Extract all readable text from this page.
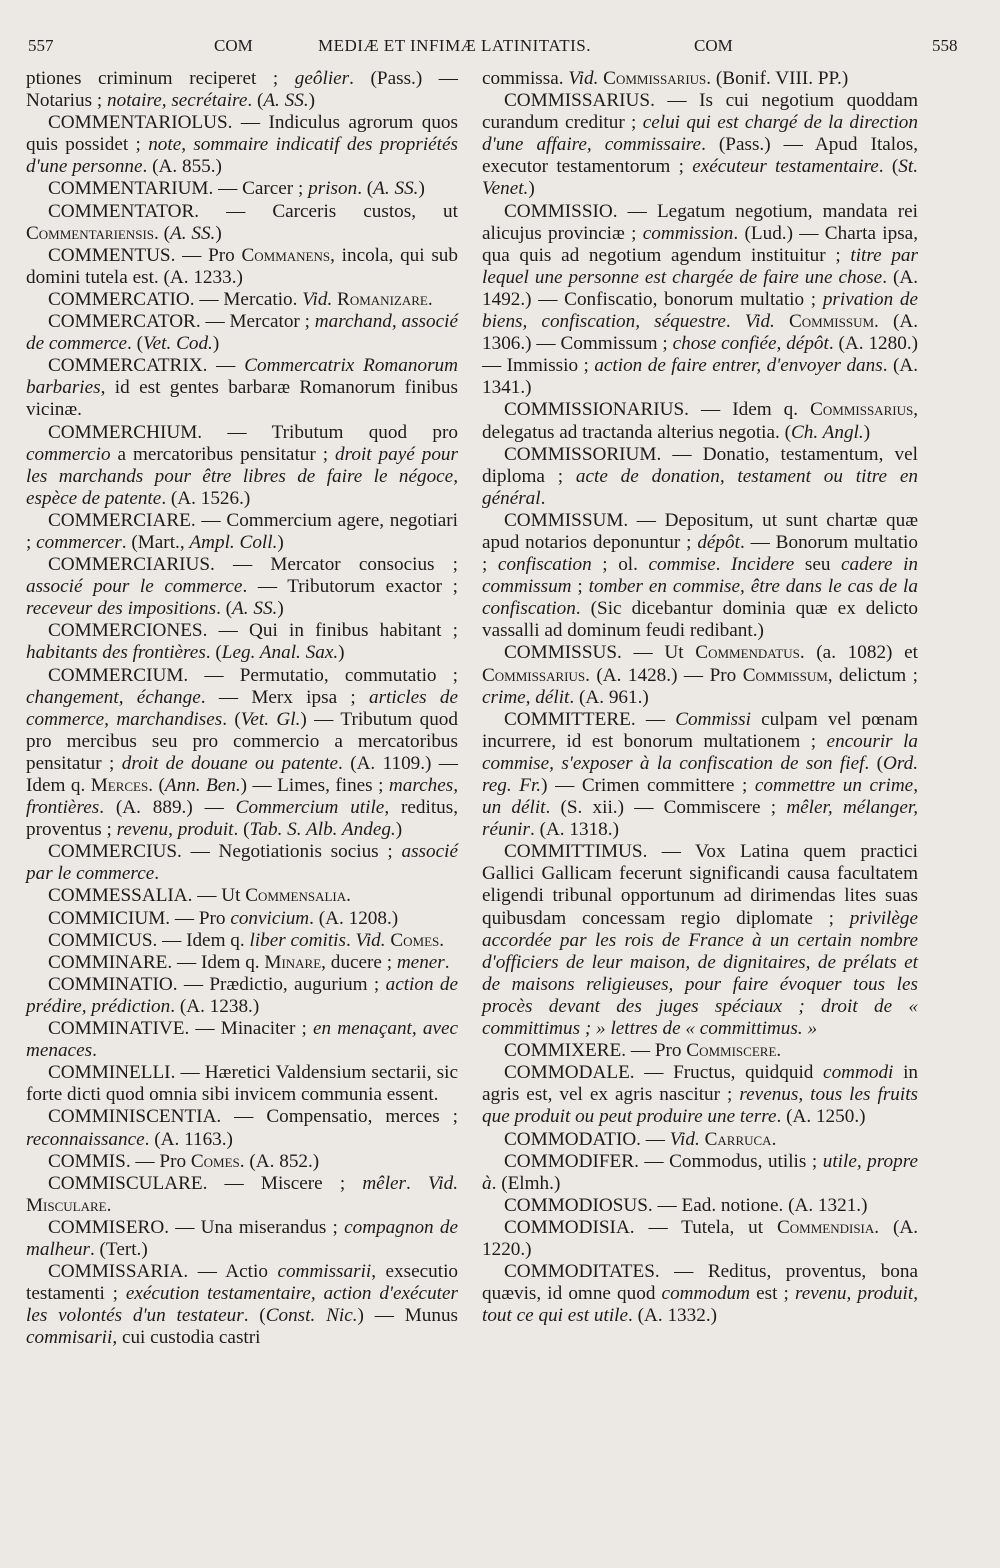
557	COM	MEDIÆ ET INFIMÆ LATINITATIS.	COM	558

ptiones criminum reciperet ; geôlier. (Pass.) — Notarius ; notaire, secrétaire. (A. SS.)

COMMENTARIOLUS. — Indiculus agrorum quos quis possidet ; note, sommaire indicatif des propriétés d'une personne. (A. 855.)

COMMENTARIUM. — Carcer ; prison. (A. SS.)

COMMENTATOR. — Carceris custos, ut Commentariensis. (A. SS.)

COMMENTUS. — Pro Commanens, incola, qui sub domini tutela est. (A. 1233.)

COMMERCATIO. — Mercatio. Vid. Romanizare.

COMMERCATOR. — Mercator ; marchand, associé de commerce. (Vet. Cod.)

COMMERCATRIX. — Commercatrix Romanorum barbaries, id est gentes barbaræ Romanorum finibus vicinæ.

COMMERCHIUM. — Tributum quod pro commercio a mercatoribus pensitatur ; droit payé pour les marchands pour être libres de faire le négoce, espèce de patente. (A. 1526.)

COMMERCIARE. — Commercium agere, negotiari ; commercer. (Mart., Ampl. Coll.)

COMMERCIARIUS. — Mercator consocius ; associé pour le commerce. — Tributorum exactor ; receveur des impositions. (A. SS.)

COMMERCIONES. — Qui in finibus habitant ; habitants des frontières. (Leg. Anal. Sax.)

COMMERCIUM. — Permutatio, commutatio ; changement, échange. — Merx ipsa ; articles de commerce, marchandises. (Vet. Gl.) — Tributum quod pro mercibus seu pro commercio a mercatoribus pensitatur ; droit de douane ou patente. (A. 1109.) — Idem q. Merces. (Ann. Ben.) — Limes, fines ; marches, frontières. (A. 889.) — Commercium utile, reditus, proventus ; revenu, produit. (Tab. S. Alb. Andeg.)

COMMERCIUS. — Negotiationis socius ; associé par le commerce.

COMMESSALIA. — Ut Commensalia.

COMMICIUM. — Pro convicium. (A. 1208.)

COMMICUS. — Idem q. liber comitis. Vid. Comes.

COMMINARE. — Idem q. Minare, ducere ; mener.

COMMINATIO. — Prædictio, augurium ; action de prédire, prédiction. (A. 1238.)

COMMINATIVE. — Minaciter ; en menaçant, avec menaces.

COMMINELLI. — Hæretici Valdensium sectarii, sic forte dicti quod omnia sibi invicem communia essent.

COMMINISCENTIA. — Compensatio, merces ; reconnaissance. (A. 1163.)

COMMIS. — Pro Comes. (A. 852.)

COMMISCULARE. — Miscere ; mêler. Vid. Misculare.

COMMISERO. — Una miserandus ; compagnon de malheur. (Tert.)

COMMISSARIA. — Actio commissarii, exsecutio testamenti ; exécution testamentaire, action d'exécuter les volontés d'un testateur. (Const. Nic.) — Munus commisarii, cui custodia castri

commissa. Vid. Commissarius. (Bonif. VIII. PP.)

COMMISSARIUS. — Is cui negotium quoddam curandum creditur ; celui qui est chargé de la direction d'une affaire, commissaire. (Pass.) — Apud Italos, executor testamentorum ; exécuteur testamentaire. (St. Venet.)

COMMISSIO. — Legatum negotium, mandata rei alicujus provinciæ ; commission. (Lud.) — Charta ipsa, qua quis ad negotium agendum instituitur ; titre par lequel une personne est chargée de faire une chose. (A. 1492.) — Confiscatio, bonorum multatio ; privation de biens, confiscation, séquestre. Vid. Commissum. (A. 1306.) — Commissum ; chose confiée, dépôt. (A. 1280.) — Immissio ; action de faire entrer, d'envoyer dans. (A. 1341.)

COMMISSIONARIUS. — Idem q. Commissarius, delegatus ad tractanda alterius negotia. (Ch. Angl.)

COMMISSORIUM. — Donatio, testamentum, vel diploma ; acte de donation, testament ou titre en général.

COMMISSUM. — Depositum, ut sunt chartæ quæ apud notarios deponuntur ; dépôt. — Bonorum multatio ; confiscation ; ol. commise. Incidere seu cadere in commissum ; tomber en commise, être dans le cas de la confiscation. (Sic dicebantur dominia quæ ex delicto vassalli ad dominum feudi redibant.)

COMMISSUS. — Ut Commendatus. (a. 1082) et Commissarius. (A. 1428.) — Pro Commissum, delictum ; crime, délit. (A. 961.)

COMMITTERE. — Commissi culpam vel pœnam incurrere, id est bonorum multationem ; encourir la commise, s'exposer à la confiscation de son fief. (Ord. reg. Fr.) — Crimen committere ; commettre un crime, un délit. (S. xii.) — Commiscere ; mêler, mélanger, réunir. (A. 1318.)

COMMITTIMUS. — Vox Latina quem practici Gallici Gallicam fecerunt significandi causa facultatem eligendi tribunal opportunum ad dirimendas lites suas quibusdam concessam regio diplomate ; privilège accordée par les rois de France à un certain nombre d'officiers de leur maison, de dignitaires, de prélats et de maisons religieuses, pour faire évoquer tous les procès devant des juges spéciaux ; droit de « committimus ; » lettres de « committimus. »

COMMIXERE. — Pro Commiscere.

COMMODALE. — Fructus, quidquid commodi in agris est, vel ex agris nascitur ; revenus, tous les fruits que produit ou peut produire une terre. (A. 1250.)

COMMODATIO. — Vid. Carruca.

COMMODIFER. — Commodus, utilis ; utile, propre à. (Elmh.)

COMMODIOSUS. — Ead. notione. (A. 1321.)

COMMODISIA. — Tutela, ut Commendisia. (A. 1220.)

COMMODITATES. — Reditus, proventus, bona quævis, id omne quod commodum est ; revenu, produit, tout ce qui est utile. (A. 1332.)
